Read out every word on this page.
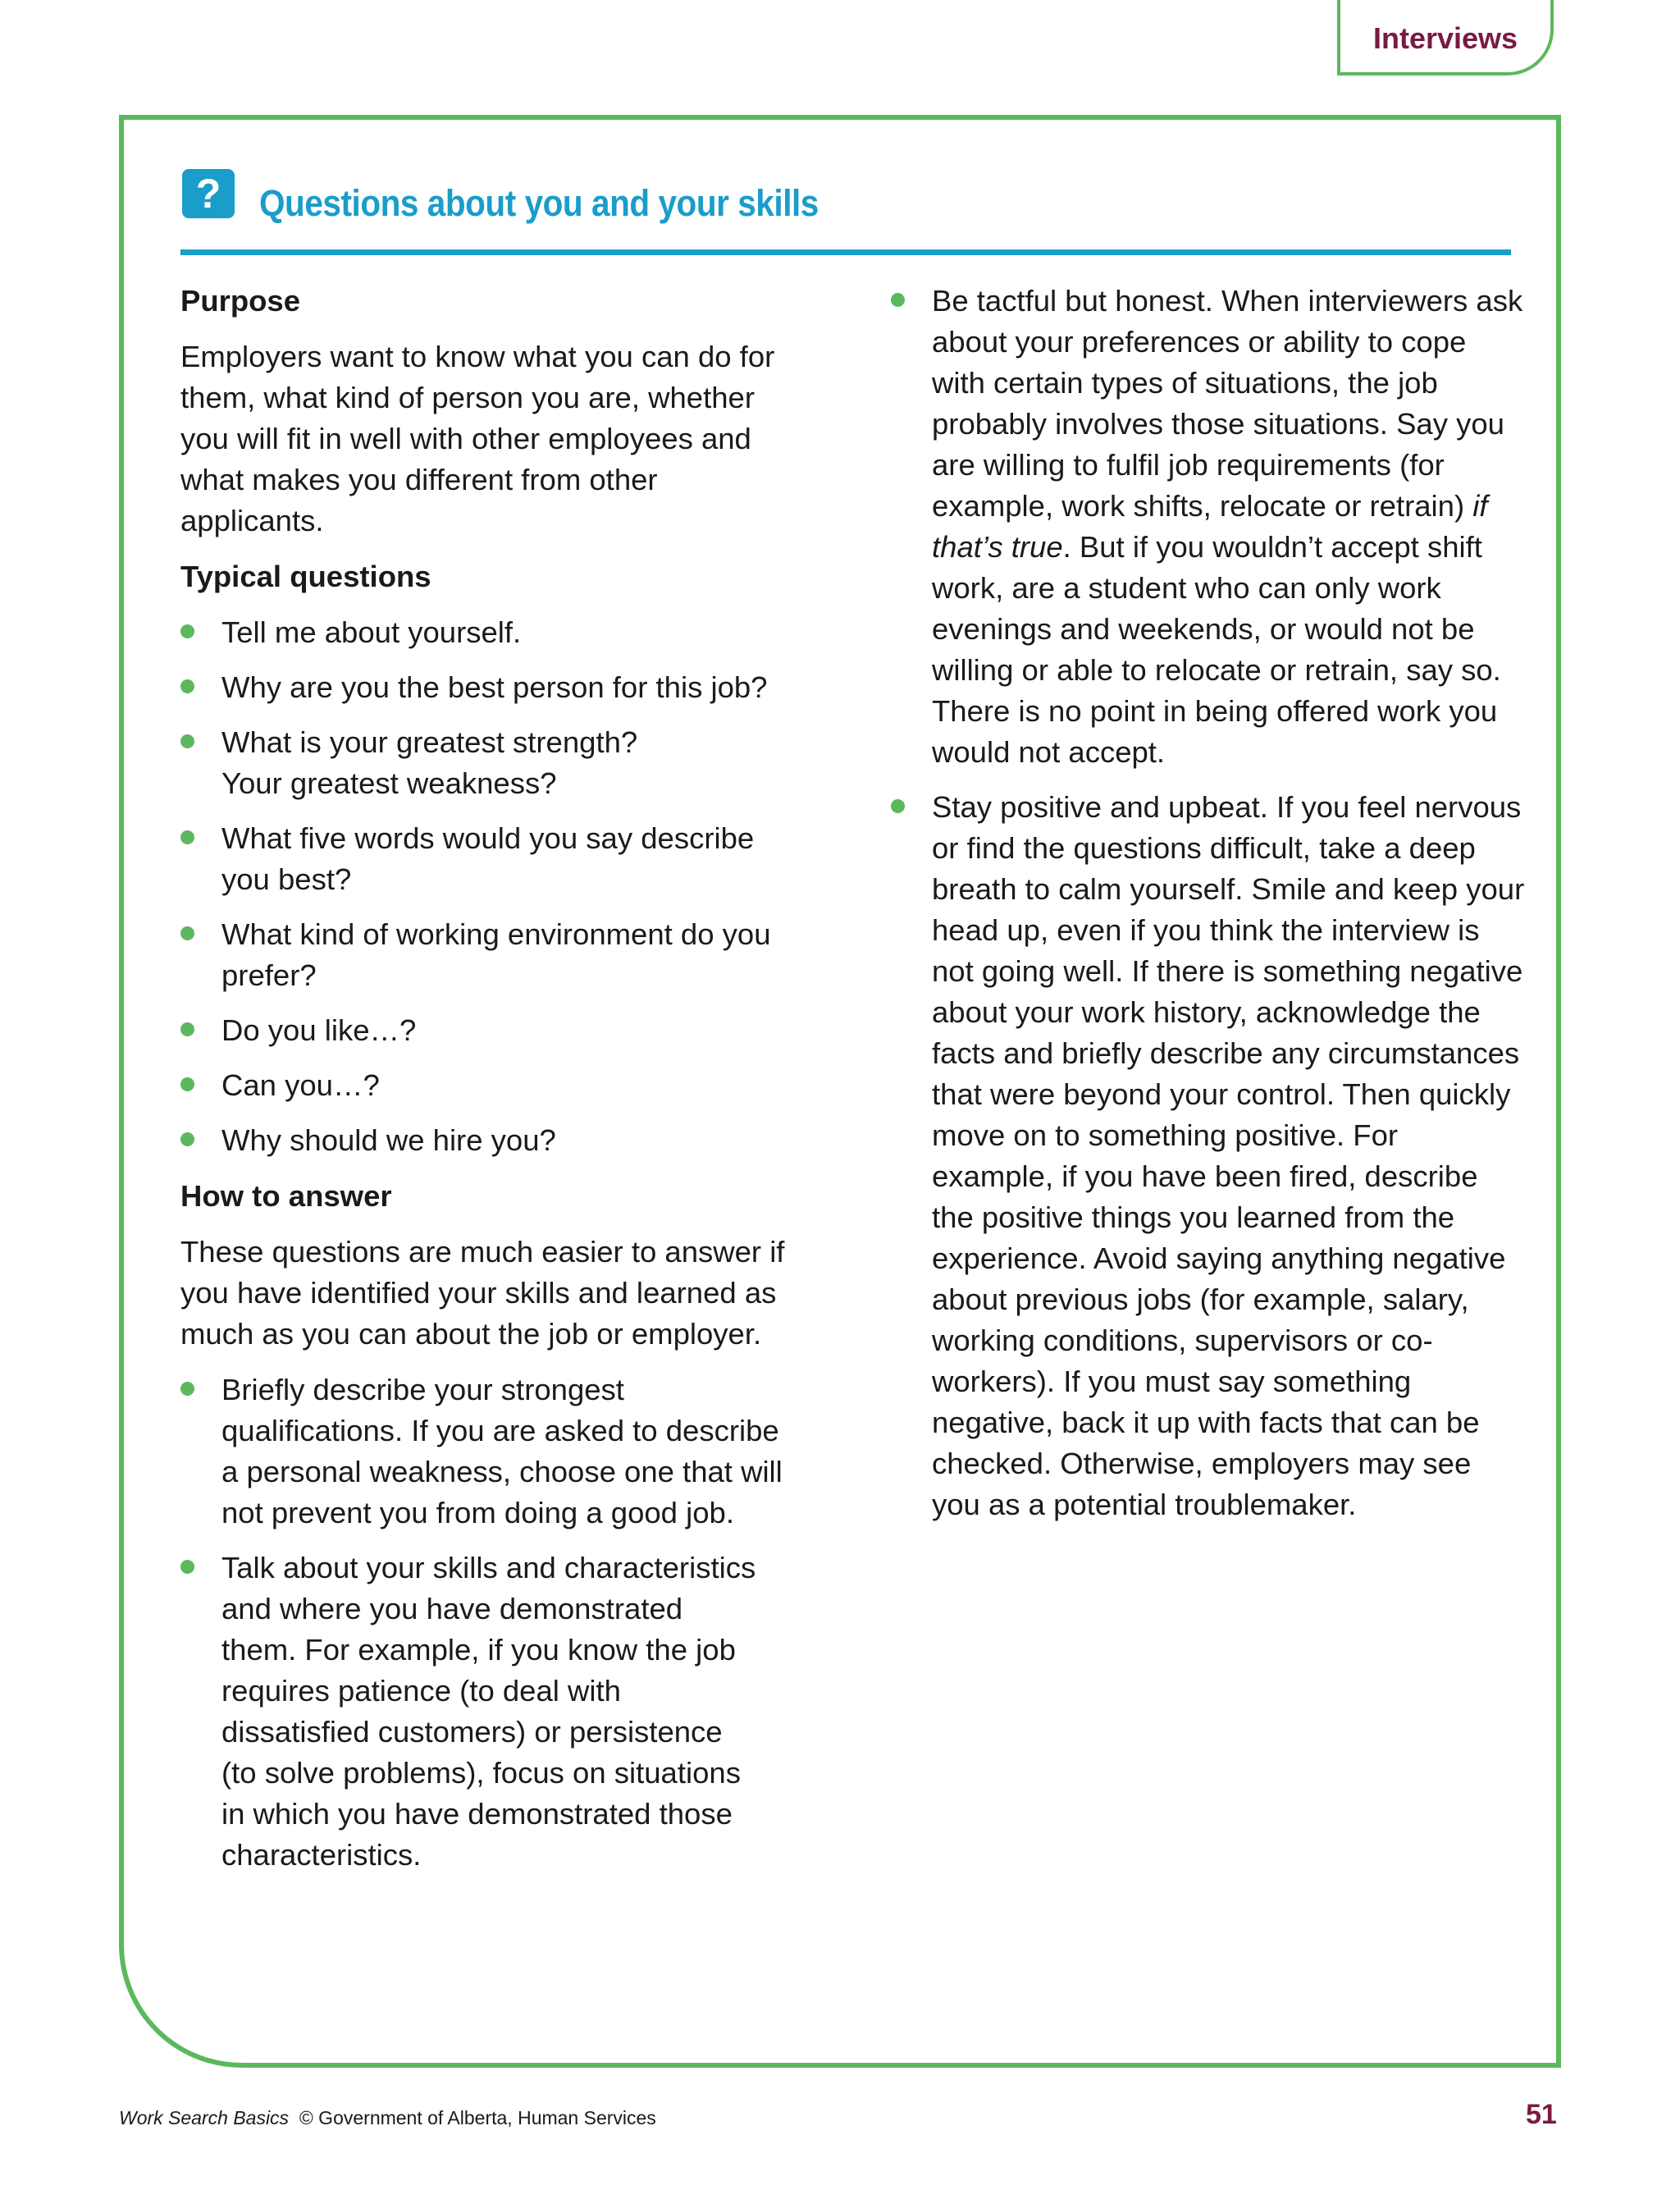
Interviews
?	Questions about you and your skills
Purpose

Employers want to know what you can do for them, what kind of person you are, whether you will fit in well with other employees and what makes you different from other applicants.

Typical questions
Tell me about yourself.
Why are you the best person for this job?
What is your greatest strength? Your greatest weakness?
What five words would you say describe you best?
What kind of working environment do you prefer?
Do you like…?
Can you…?
Why should we hire you?
How to answer

These questions are much easier to answer if you have identified your skills and learned as much as you can about the job or employer.

Briefly describe your strongest qualifications. If you are asked to describe a personal weakness, choose one that will not prevent you from doing a good job.
Talk about your skills and characteristics and where you have demonstrated them. For example, if you know the job requires patience (to deal with dissatisfied customers) or persistence (to solve problems), focus on situations in which you have demonstrated those characteristics.
Be tactful but honest. When interviewers ask about your preferences or ability to cope with certain types of situations, the job probably involves those situations. Say you are willing to fulfil job requirements (for example, work shifts, relocate or retrain) if that’s true. But if you wouldn’t accept shift work, are a student who can only work evenings and weekends, or would not be willing or able to relocate or retrain, say so. There is no point in being offered work you would not accept.
Stay positive and upbeat. If you feel nervous or find the questions difficult, take a deep breath to calm yourself. Smile and keep your head up, even if you think the interview is not going well. If there is something negative about your work history, acknowledge the facts and briefly describe any circumstances that were beyond your control. Then quickly move on to something positive. For example, if you have been fired, describe the positive things you learned from the experience. Avoid saying anything negative about previous jobs (for example, salary, working conditions, supervisors or co-workers). If you must say something negative, back it up with facts that can be checked. Otherwise, employers may see you as a potential troublemaker.
Work Search Basics © Government of Alberta, Human Services	51
